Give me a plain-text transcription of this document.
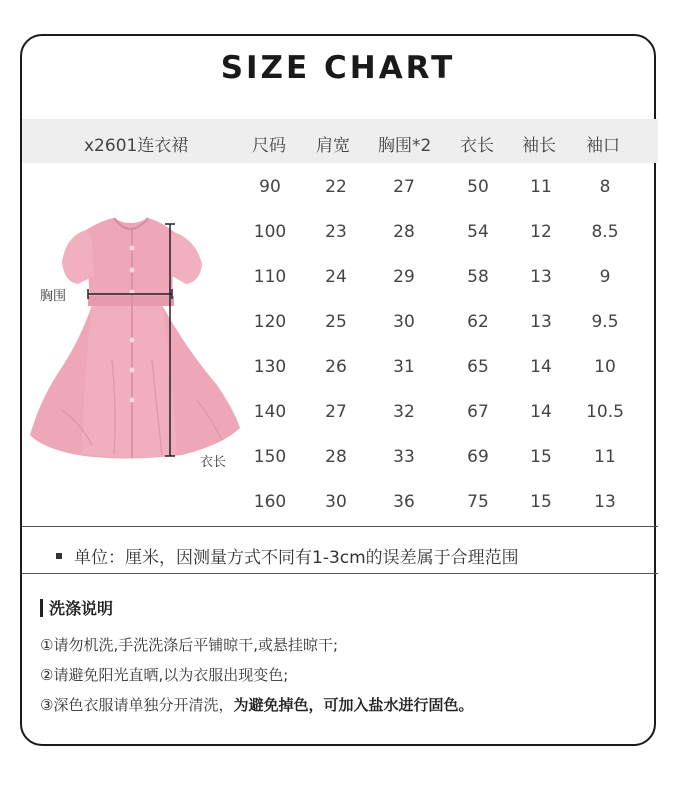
SIZE CHART
x2601连衣裙	尺码 肩宽 胸围*2 衣长 袖长 袖口
90	22	27	50	11	8
100	23	28	54	12	8.5
110	24	29	58	13	9
120	25	30	62	13	9.5
130	26	31	65	14	10
140	27	32	67	14	10.5
150	28	33	69	15	11
160	30	36	75	15	13
胸围
衣长
单位：厘米，因测量方式不同有1-3cm的误差属于合理范围
洗涤说明
①请勿机洗,手洗洗涤后平铺晾干,或悬挂晾干;
②请避免阳光直晒,以为衣服出现变色;
③深色衣服请单独分开清洗，为避免掉色，可加入盐水进行固色。
